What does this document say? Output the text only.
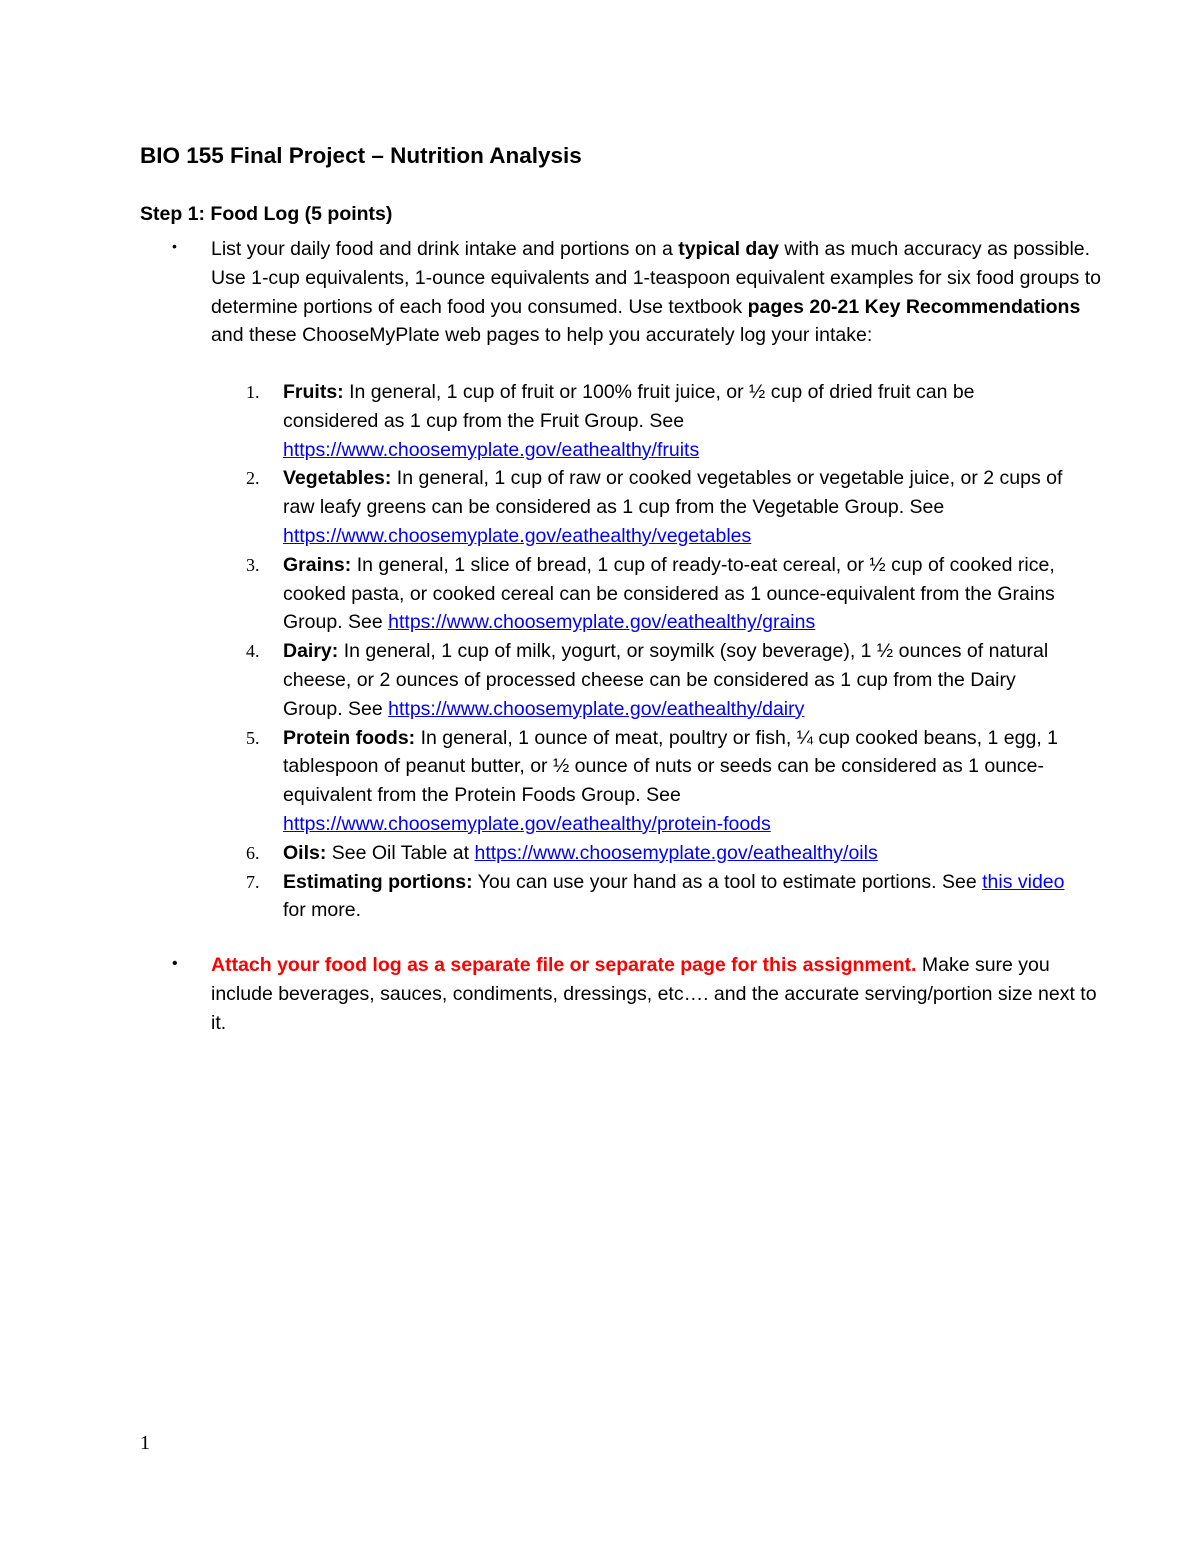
BIO 155 Final Project – Nutrition Analysis
Step 1: Food Log (5 points)
• List your daily food and drink intake and portions on a typical day with as much accuracy as possible. Use 1-cup equivalents, 1-ounce equivalents and 1-teaspoon equivalent examples for six food groups to determine portions of each food you consumed. Use textbook pages 20-21 Key Recommendations and these ChooseMyPlate web pages to help you accurately log your intake:
1. Fruits: In general, 1 cup of fruit or 100% fruit juice, or ½ cup of dried fruit can be considered as 1 cup from the Fruit Group. See https://www.choosemyplate.gov/eathealthy/fruits
2. Vegetables: In general, 1 cup of raw or cooked vegetables or vegetable juice, or 2 cups of raw leafy greens can be considered as 1 cup from the Vegetable Group. See https://www.choosemyplate.gov/eathealthy/vegetables
3. Grains: In general, 1 slice of bread, 1 cup of ready-to-eat cereal, or ½ cup of cooked rice, cooked pasta, or cooked cereal can be considered as 1 ounce-equivalent from the Grains Group. See https://www.choosemyplate.gov/eathealthy/grains
4. Dairy: In general, 1 cup of milk, yogurt, or soymilk (soy beverage), 1 ½ ounces of natural cheese, or 2 ounces of processed cheese can be considered as 1 cup from the Dairy Group. See https://www.choosemyplate.gov/eathealthy/dairy
5. Protein foods: In general, 1 ounce of meat, poultry or fish, ¼ cup cooked beans, 1 egg, 1 tablespoon of peanut butter, or ½ ounce of nuts or seeds can be considered as 1 ounce-equivalent from the Protein Foods Group. See https://www.choosemyplate.gov/eathealthy/protein-foods
6. Oils: See Oil Table at https://www.choosemyplate.gov/eathealthy/oils
7. Estimating portions: You can use your hand as a tool to estimate portions. See this video for more.
• Attach your food log as a separate file or separate page for this assignment. Make sure you include beverages, sauces, condiments, dressings, etc…. and the accurate serving/portion size next to it.
1
